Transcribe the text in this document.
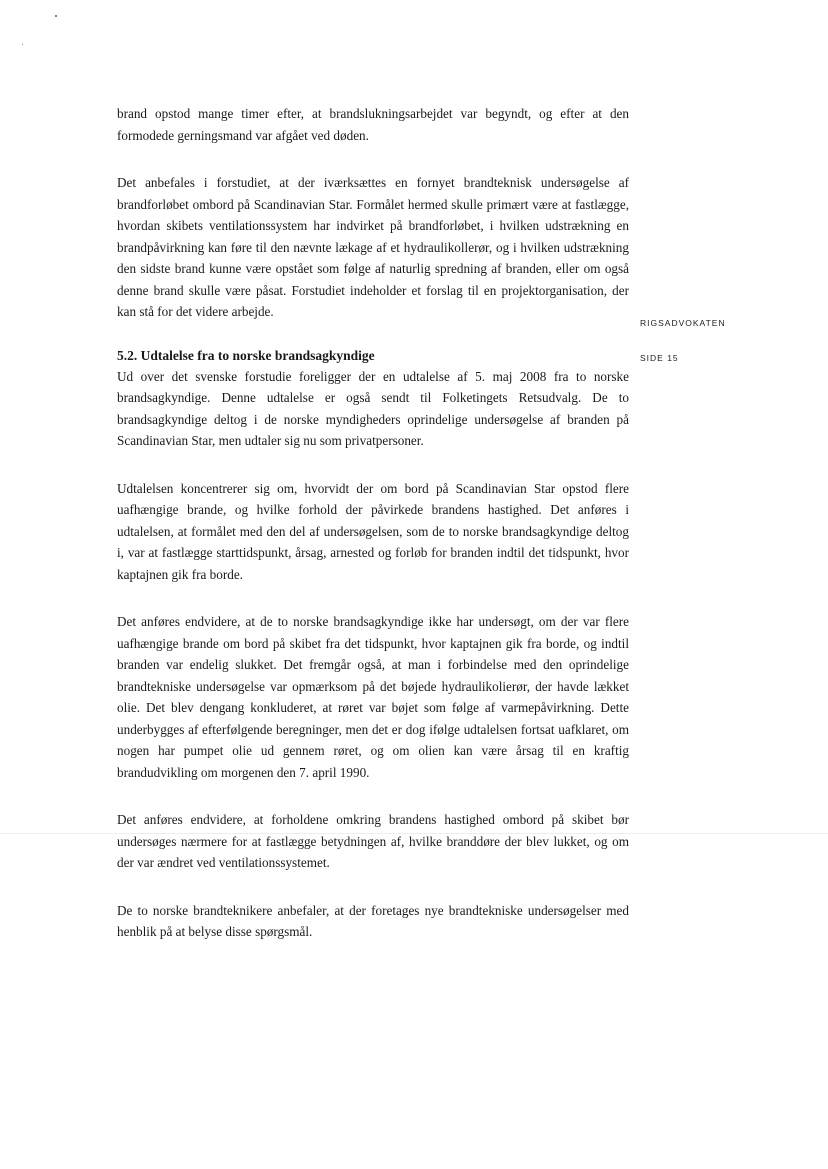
RIGSADVOKATEN
SIDE 15

brand opstod mange timer efter, at brandslukningsarbejdet var begyndt, og efter at den formodede gerningsmand var afgået ved døden.

Det anbefales i forstudiet, at der iværksættes en fornyet brandteknisk undersøgelse af brandforløbet ombord på Scandinavian Star. Formålet hermed skulle primært være at fastlægge, hvordan skibets ventilationssystem har indvirket på brandforløbet, i hvilken udstrækning en brandpåvirkning kan føre til den nævnte lækage af et hydraulikollerør, og i hvilken udstrækning den sidste brand kunne være opstået som følge af naturlig spredning af branden, eller om også denne brand skulle være påsat. Forstudiet indeholder et forslag til en projektorganisation, der kan stå for det videre arbejde.

5.2. Udtalelse fra to norske brandsagkyndige

Ud over det svenske forstudie foreligger der en udtalelse af 5. maj 2008 fra to norske brandsagkyndige. Denne udtalelse er også sendt til Folketingets Retsudvalg. De to brandsagkyndige deltog i de norske myndigheders oprindelige undersøgelse af branden på Scandinavian Star, men udtaler sig nu som privatpersoner.

Udtalelsen koncentrerer sig om, hvorvidt der om bord på Scandinavian Star opstod flere uafhængige brande, og hvilke forhold der påvirkede brandens hastighed. Det anføres i udtalelsen, at formålet med den del af undersøgelsen, som de to norske brandsagkyndige deltog i, var at fastlægge starttidspunkt, årsag, arnested og forløb for branden indtil det tidspunkt, hvor kaptajnen gik fra borde.

Det anføres endvidere, at de to norske brandsagkyndige ikke har undersøgt, om der var flere uafhængige brande om bord på skibet fra det tidspunkt, hvor kaptajnen gik fra borde, og indtil branden var endelig slukket. Det fremgår også, at man i forbindelse med den oprindelige brandtekniske undersøgelse var opmærksom på det bøjede hydraulikolierør, der havde lækket olie. Det blev dengang konkluderet, at røret var bøjet som følge af varmepåvirkning. Dette underbygges af efterfølgende beregninger, men det er dog ifølge udtalelsen fortsat uafklaret, om nogen har pumpet olie ud gennem røret, og om olien kan være årsag til en kraftig brandudvikling om morgenen den 7. april 1990.

Det anføres endvidere, at forholdene omkring brandens hastighed ombord på skibet bør undersøges nærmere for at fastlægge betydningen af, hvilke branddøre der blev lukket, og om der var ændret ved ventilationssystemet.

De to norske brandteknikere anbefaler, at der foretages nye brandtekniske undersøgelser med henblik på at belyse disse spørgsmål.
